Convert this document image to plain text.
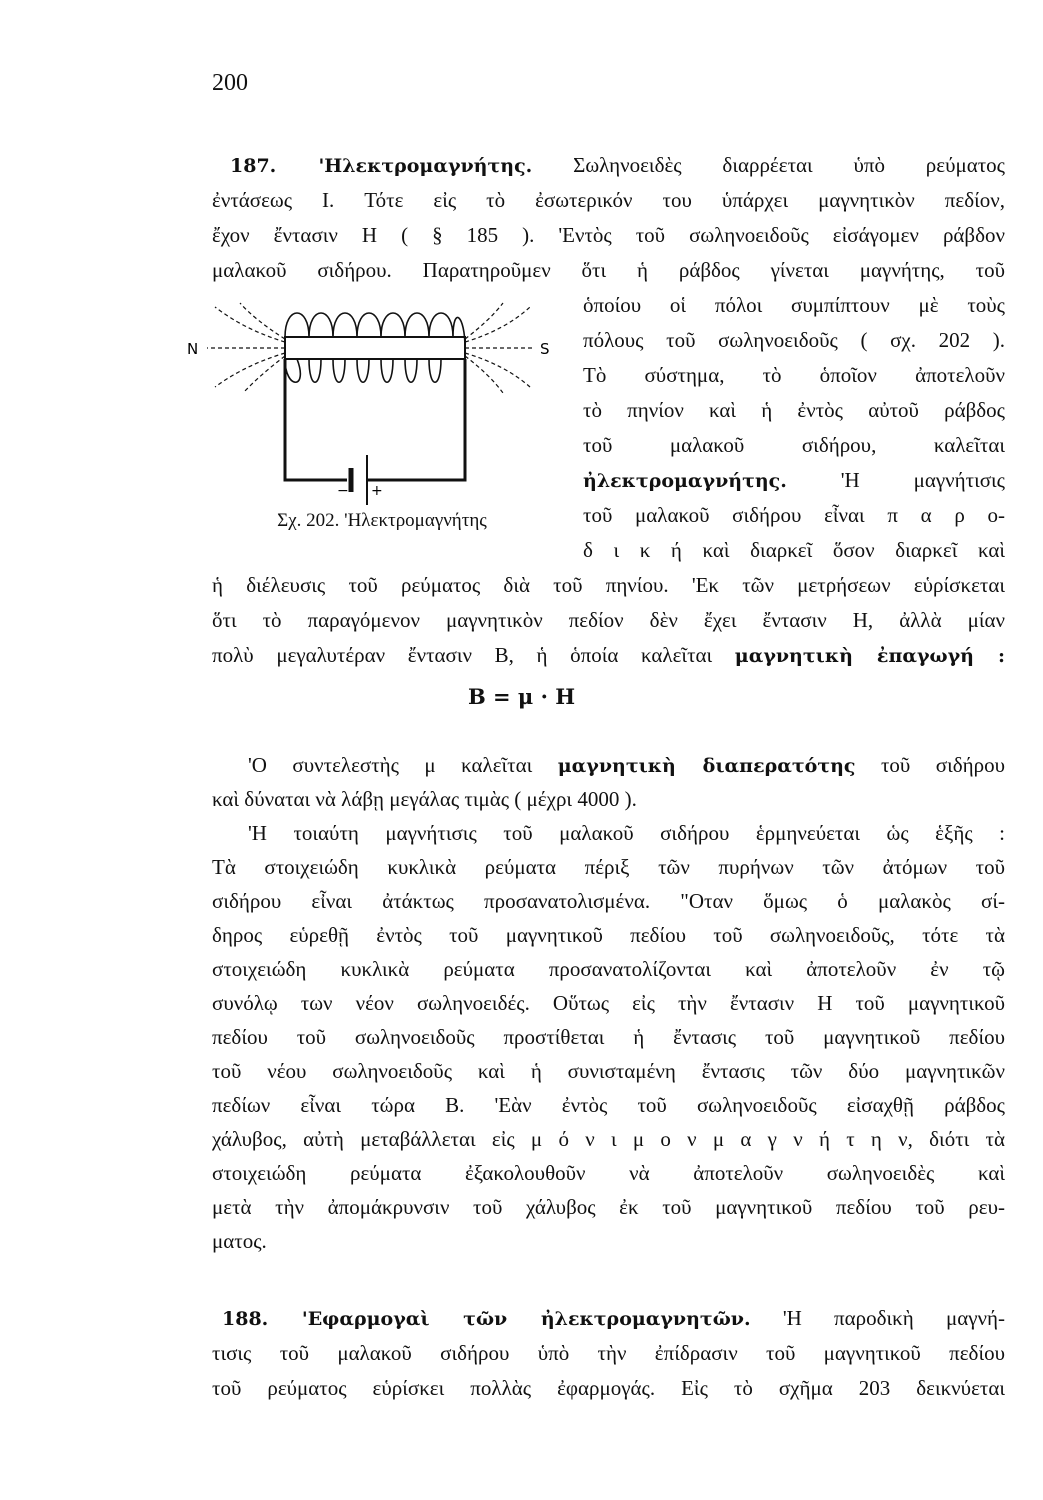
200
N	S
− +
Σχ. 202. 'Ηλεκτρομαγνήτης
B = μ · H
187. 'Ηλεκτρομαγνήτης. Σωληνοειδὲς διαρρέεται ὑπὸ ρεύματος
ἐντάσεως I. Τότε εἰς τὸ ἐσωτερικόν του ὑπάρχει μαγνητικὸν πεδίον,
ἔχον ἔντασιν H ( § 185 ). 'Εντὸς τοῦ σωληνοειδοῦς εἰσάγομεν ράβδον
μαλακοῦ σιδήρου. Παρατηροῦμεν ὅτι ἡ ράβδος γίνεται μαγνήτης, τοῦ
ὁποίου οἱ πόλοι συμπίπτουν μὲ τοὺς
πόλους τοῦ σωληνοειδοῦς ( σχ. 202 ).
Τὸ σύστημα, τὸ ὁποῖον ἀποτελοῦν
τὸ πηνίον καὶ ἡ ἐντὸς αὐτοῦ ράβδος
τοῦ μαλακοῦ σιδήρου, καλεῖται
ἠλεκτρομαγνήτης. 'Η μαγνήτισις
τοῦ μαλακοῦ σιδήρου εἶναι π α ρ ο-
δ ι κ ή καὶ διαρκεῖ ὅσον διαρκεῖ καὶ
ἡ διέλευσις τοῦ ρεύματος διὰ τοῦ πηνίου. 'Εκ τῶν μετρήσεων εὑρίσκεται
ὅτι τὸ παραγόμενον μαγνητικὸν πεδίον δὲν ἔχει ἔντασιν H, ἀλλὰ μίαν
πολὺ μεγαλυτέραν ἔντασιν B, ἡ ὁποία καλεῖται μαγνητικὴ ἐπαγωγή :
'Ο συντελεστὴς μ καλεῖται μαγνητικὴ διαπερατότης τοῦ σιδήρου
καὶ δύναται νὰ λάβῃ μεγάλας τιμὰς ( μέχρι 4000 ).
'Η τοιαύτη μαγνήτισις τοῦ μαλακοῦ σιδήρου ἑρμηνεύεται ὡς ἑξῆς :
Τὰ στοιχειώδη κυκλικὰ ρεύματα πέριξ τῶν πυρήνων τῶν ἀτόμων τοῦ
σιδήρου εἶναι ἀτάκτως προσανατολισμένα. "Οταν ὅμως ὁ μαλακὸς σί-
δηρος εὑρεθῇ ἐντὸς τοῦ μαγνητικοῦ πεδίου τοῦ σωληνοειδοῦς, τότε τὰ
στοιχειώδη κυκλικὰ ρεύματα προσανατολίζονται καὶ ἀποτελοῦν ἐν τῷ
συνόλῳ των νέον σωληνοειδές. Οὕτως εἰς τὴν ἔντασιν H τοῦ μαγνητικοῦ
πεδίου τοῦ σωληνοειδοῦς προστίθεται ἡ ἔντασις τοῦ μαγνητικοῦ πεδίου
τοῦ νέου σωληνοειδοῦς καὶ ἡ συνισταμένη ἔντασις τῶν δύο μαγνητικῶν
πεδίων εἶναι τώρα B. 'Εὰν ἐντὸς τοῦ σωληνοειδοῦς εἰσαχθῇ ράβδος
χάλυβος, αὐτὴ μεταβάλλεται εἰς μ ό ν ι μ ο ν μ α γ ν ή τ η ν, διότι τὰ
στοιχειώδη ρεύματα ἐξακολουθοῦν νὰ ἀποτελοῦν σωληνοειδὲς καὶ
μετὰ τὴν ἀπομάκρυνσιν τοῦ χάλυβος ἐκ τοῦ μαγνητικοῦ πεδίου τοῦ ρευ-
ματος.
188. 'Εφαρμογαὶ τῶν ἠλεκτρομαγνητῶν. 'Η παροδικὴ μαγνή-
τισις τοῦ μαλακοῦ σιδήρου ὑπὸ τὴν ἐπίδρασιν τοῦ μαγνητικοῦ πεδίου
τοῦ ρεύματος εὑρίσκει πολλὰς ἐφαρμογάς. Εἰς τὸ σχῆμα 203 δεικνύεται
